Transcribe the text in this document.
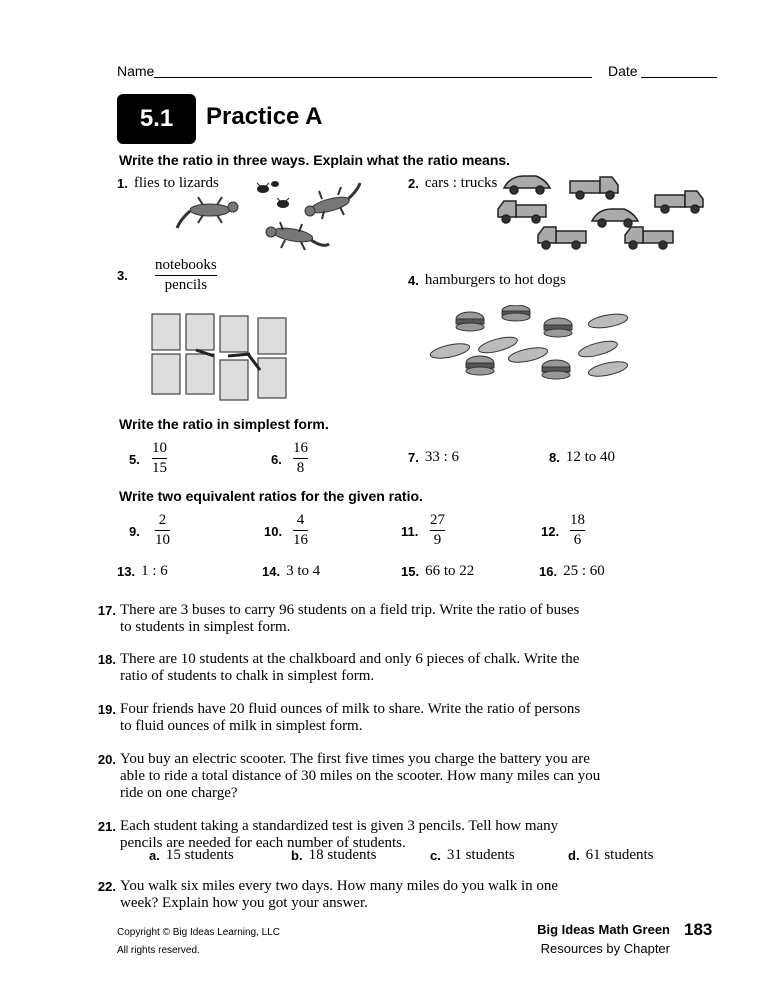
Name	Date
5.1	Practice A
Write the ratio in three ways. Explain what the ratio means.
1. flies to lizards	2. cars : trucks
3.
notebooks
pencils	4. hamburgers to hot dogs
Write the ratio in simplest form.
5.
10
15
6.
16
8
7. 33 : 6	8. 12 to 40
Write two equivalent ratios for the given ratio.
9.
2
10
10.
4
16
11.
27
9
12.
18
6
13. 1 : 6	14. 3 to 4	15. 66 to 22	16. 25 : 60
17. There are 3 buses to carry 96 students on a field trip. Write the ratio of buses to students in simplest form.
18. There are 10 students at the chalkboard and only 6 pieces of chalk. Write the ratio of students to chalk in simplest form.
19. Four friends have 20 fluid ounces of milk to share. Write the ratio of persons to fluid ounces of milk in simplest form.
20. You buy an electric scooter. The first five times you charge the battery you are able to ride a total distance of 30 miles on the scooter. How many miles can you ride on one charge?
21. Each student taking a standardized test is given 3 pencils. Tell how many pencils are needed for each number of students.
a. 15 students	b. 18 students	c. 31 students	d. 61 students
22. You walk six miles every two days. How many miles do you walk in one week? Explain how you got your answer.
Copyright © Big Ideas Learning, LLC
All rights reserved.
Big Ideas Math Green
Resources by Chapter
183
